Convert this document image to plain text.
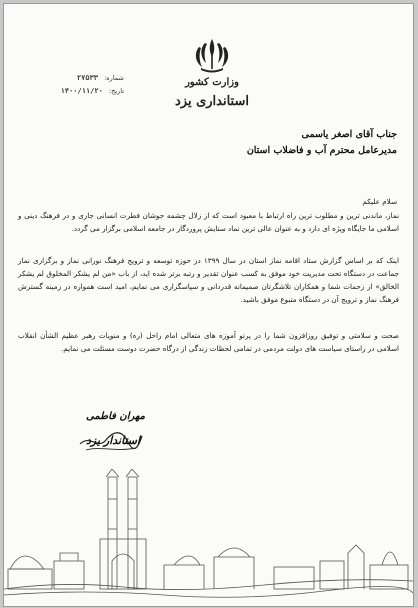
وزارت کشور
استانداری یزد
شماره: ۲۷۵۳۳
تاریخ: ۱۴۰۰/۱۱/۲۰
جناب آقای اصغر یاسمی
مدیرعامل محترم آب و فاضلاب استان
سلام علیکم
نماز، ماندنی ترین و مطلوب ترین راه ارتباط با معبود است که از زلال چشمه جوشان فطرت انسانی جاری و در فرهنگ دینی و اسلامی ما جایگاه ویژه ای دارد و به عنوان عالی ترین نماد ستایش پروردگار در جامعه اسلامی برگزار می گردد.
اینک که بر اساس گزارش ستاد اقامه نماز استان در سال ۱۳۹۹ در حوزه توسعه و ترویج فرهنگ نورانی نماز و برگزاری نماز جماعت در دستگاه تحت مدیریت خود موفق به کسب عنوان تقدیر و رتبه برتر شده اید، از باب «من لم یشکر المخلوق لم یشکر الخالق» از زحمات شما و همکاران تلاشگرتان صمیمانه قدردانی و سپاسگزاری می نمایم، امید است همواره در زمینه گسترش فرهنگ نماز و ترویج آن در دستگاه متبوع موفق باشید.
صحت و سلامتی و توفیق روزافزون شما را در پرتو آموزه های متعالی امام راحل (ره) و منویات رهبر عظیم الشأن انقلاب اسلامی در راستای سیاست های دولت مردمی در تمامی لحظات زندگی از درگاه حضرت دوست مسئلت می نمایم.
مهران فاطمی
استاندار یزد
